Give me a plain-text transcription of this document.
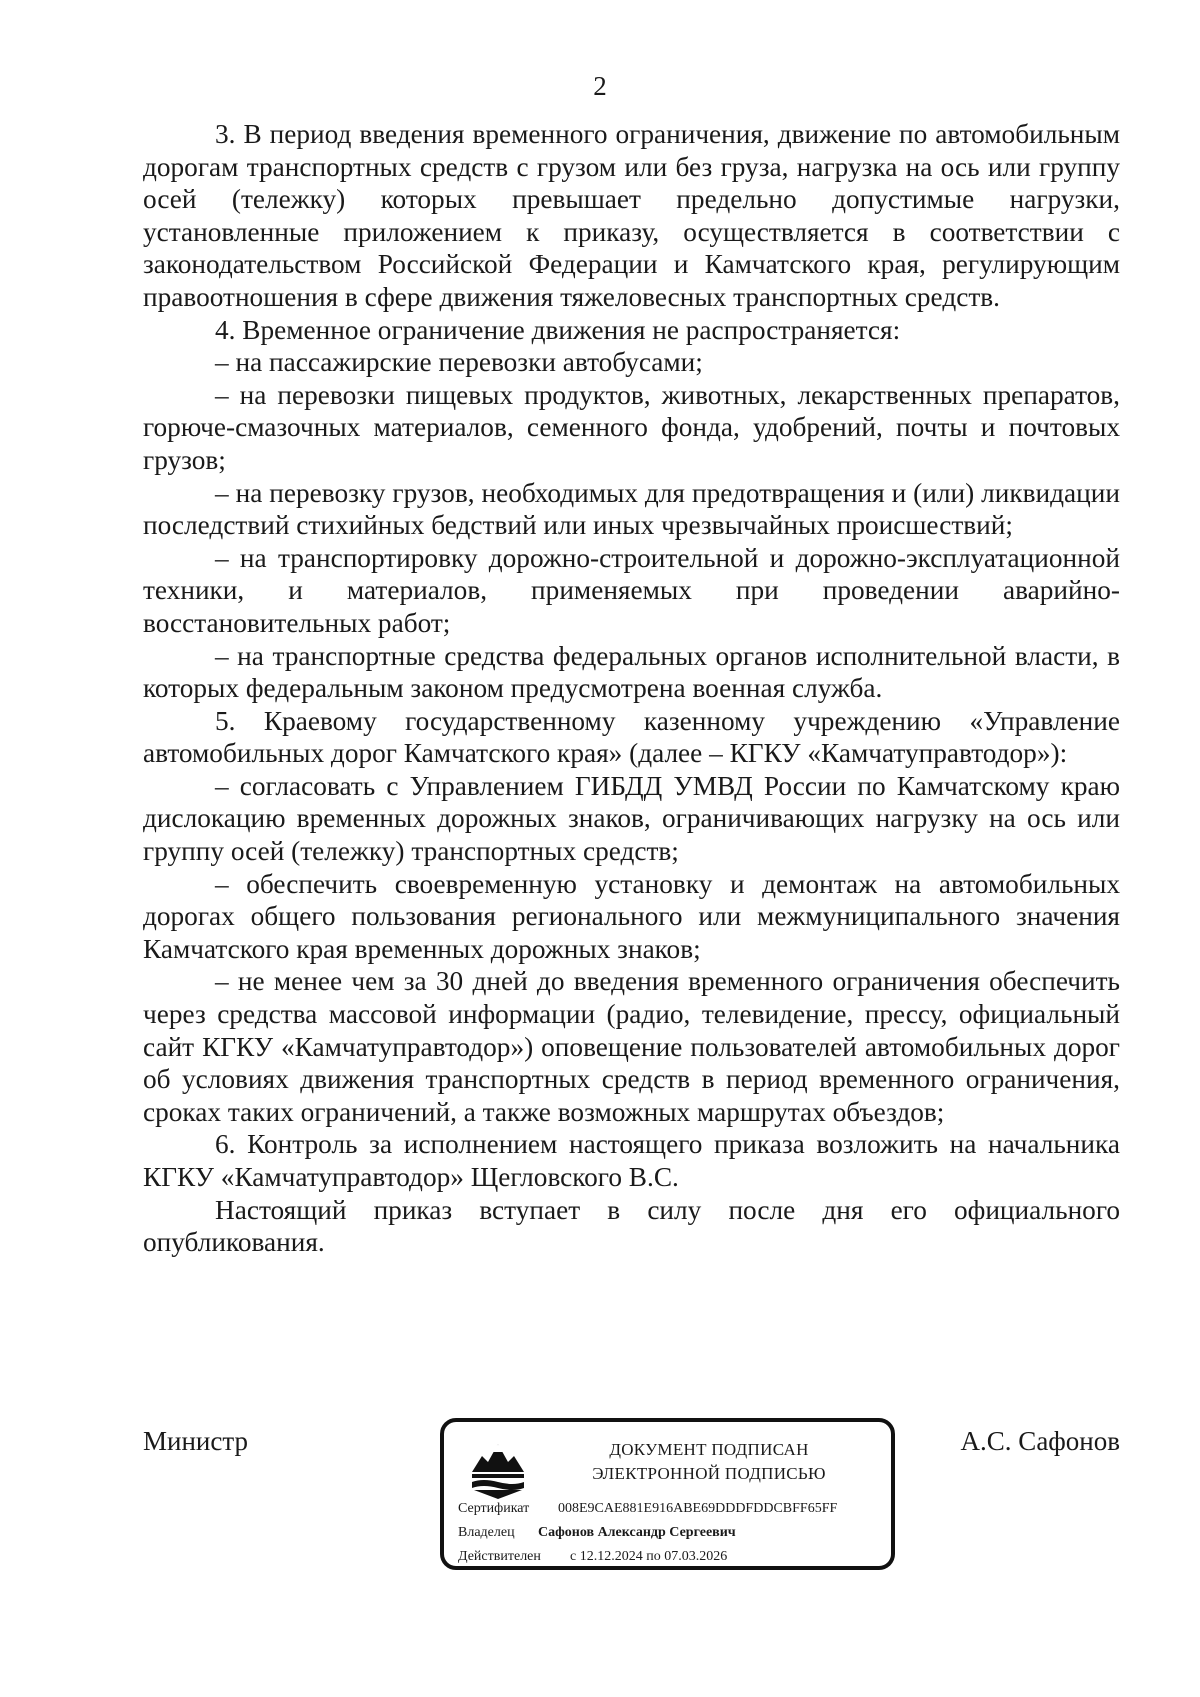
2

3. В период введения временного ограничения, движение по автомобильным дорогам транспортных средств с грузом или без груза, нагрузка на ось или группу осей (тележку) которых превышает предельно допустимые нагрузки, установленные приложением к приказу, осуществляется в соответствии с законодательством Российской Федерации и Камчатского края, регулирующим правоотношения в сфере движения тяжеловесных транспортных средств.

4. Временное ограничение движения не распространяется:

– на пассажирские перевозки автобусами;

– на перевозки пищевых продуктов, животных, лекарственных препаратов, горюче-смазочных материалов, семенного фонда, удобрений, почты и почтовых грузов;

– на перевозку грузов, необходимых для предотвращения и (или) ликвидации последствий стихийных бедствий или иных чрезвычайных происшествий;

– на транспортировку дорожно-строительной и дорожно-эксплуатационной техники, и материалов, применяемых при проведении аварийно-восстановительных работ;

– на транспортные средства федеральных органов исполнительной власти, в которых федеральным законом предусмотрена военная служба.

5. Краевому государственному казенному учреждению «Управление автомобильных дорог Камчатского края» (далее – КГКУ «Камчатуправтодор»):

– согласовать с Управлением ГИБДД УМВД России по Камчатскому краю дислокацию временных дорожных знаков, ограничивающих нагрузку на ось или группу осей (тележку) транспортных средств;

– обеспечить своевременную установку и демонтаж на автомобильных дорогах общего пользования регионального или межмуниципального значения Камчатского края временных дорожных знаков;

– не менее чем за 30 дней до введения временного ограничения обеспечить через средства массовой информации (радио, телевидение, прессу, официальный сайт КГКУ «Камчатуправтодор») оповещение пользователей автомобильных дорог об условиях движения транспортных средств в период временного ограничения, сроках таких ограничений, а также возможных маршрутах объездов;

6. Контроль за исполнением настоящего приказа возложить на начальника КГКУ «Камчатуправтодор» Щегловского В.С.

Настоящий приказ вступает в силу после дня его официального опубликования.

Министр	А.С. Сафонов
ДОКУМЕНТ ПОДПИСАН
ЭЛЕКТРОННОЙ ПОДПИСЬЮ
Сертификат 008E9CAE881E916ABE69DDDFDDCBFF65FF
Владелец Сафонов Александр Сергеевич
Действителен с 12.12.2024 по 07.03.2026
